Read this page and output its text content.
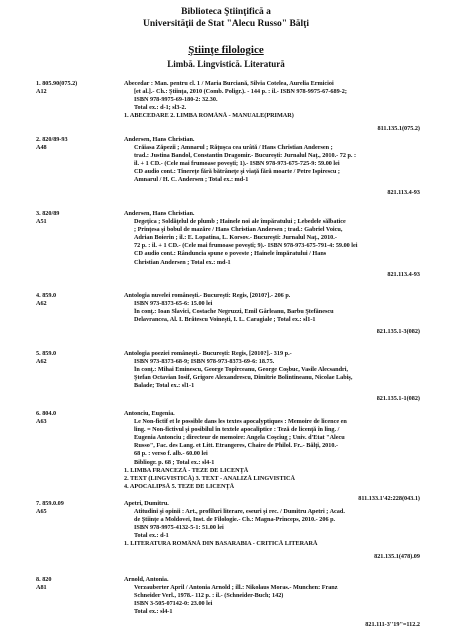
Biblioteca Ştiinţifică a
Universităţii de Stat "Alecu Russo" Bălţi
Ştiinţe filologice
Limbă. Lingvistică. Literatură
1. 805.90(075.2)
A12
Abecedar : Man. pentru cl. 1 / Maria Burciană, Silvia Cotelea, Aurelia Ermicioi
[et al.].- Ch.: Ştiinţa, 2010 (Comb. Poligr.). - 144 p. : il.- ISBN 978-9975-67-689-2;
ISBN 978-9975-69-180-2: 32.30.
Total ex.: d-1; sl3-2.
1. ABECEDARE 2. LIMBA ROMÂNĂ - MANUALE(PRIMAR)
811.135.1(075.2)
2. 820/89-93
A48
Andersen, Hans Christian.
Crăiasa Zăpezii ; Amnarul ; Răţuşca cea urâtă / Hans Christian Andersen ;
trad.: Justina Bandol, Constantin Dragomir.- Bucureşti: Jurnalul Naţ., 2010.- 72 p. :
il. + 1 CD.- (Cele mai frumoase poveşti; 1).- ISBN 978-973-675-725-9: 59.00 lei
CD audio cont.: Tinereţe fără bătrâneţe şi viaţă fără moarte / Petre Ispirescu ;
Amnarul / H. C. Andersen ; Total ex.: md-1
821.113.4-93
3. 820/89
A51
Andersen, Hans Christian.
Degeţica ; Soldăţelul de plumb ; Hainele noi ale împăratului ; Lebedele sălbatice
; Prinţesa şi bobul de mazăre / Hans Christian Andersen ; trad.: Gabriel Voicu,
Adrian Boierin ; il.: E. Lopatina, L. Korsov.- Bucureşti: Jurnalul Naţ., 2010.-
72 p. : il. + 1 CD.- (Cele mai frumoase poveşti; 9).- ISBN 978-973-675-791-4: 59.00 lei
CD audio cont.: Rânduncia spune o poveste ; Hainele împăratului / Hans
Christian Andersen ; Total ex.: md-1
821.113.4-93
4. 859.0
A62
Antologia nuvelei româneşti.- Bucureşti: Regis, [2010?].- 206 p.
ISBN 973-8373-65-6: 15.00 lei
În conţ.: Ioan Slavici, Costache Negruzzi, Emil Gârleanu, Barbu Ştefănescu
Delavrancea, Al. I. Brătescu Voineşti, I. L. Caragiale ; Total ex.: sl1-1
821.135.1-3(082)
5. 859.0
A62
Antologia poeziei româneşti.- Bucureşti: Regis, [2010?].- 319 p.-
ISBN 973-8373-68-9; ISBN 978-973-8373-69-6: 18.75.
În conţ.: Mihai Eminescu, George Topîrceanu, George Coşbuc, Vasile Alecsandri,
Ştefan Octavian Iosif, Grigore Alexandrescu, Dimitrie Bolintineanu, Nicolae Labiş,
Balade; Total ex.: sl1-1
821.135.1-1(082)
6. 804.0
A63
Antonciu, Eugenia.
Le Non-fictif et le possible dans les textes apocalyptiques : Memoire de licence en
ling. = Non-fictivul şi posibilul în textele apocaliptice : Teză de licenţă în ling. /
Eugenia Antonciu ; directeur de memoire: Angela Coşciug ; Univ. d'Etat "Alecu
Russo", Fac. des Lang. et Litt. Etrangeres, Chaire de Philol. Fr..- Bălţi, 2010.-
68 p. : verso f. alb.- 60.00 lei
Bibliogr. p. 68 ; Total ex.: sl4-1
1. LIMBA FRANCEZĂ - TEZE DE LICENŢĂ
2. TEXT (LINGVISTICĂ) 3. TEXT - ANALIZĂ LINGVISTICĂ
4. APOCALIPSĂ 5. TEZE DE LICENŢĂ
811.133.1'42:228(043.1)
7. 859.0.09
A65
Apetri, Dumitru.
Atitudini şi opinii : Art., profiluri literare, eseuri şi rec. / Dumitru Apetri ; Acad.
de Ştiinţe a Moldovei, Inst. de Filologie.- Ch.: Magna-Princeps, 2010.- 206 p.
ISBN 978-9975-4132-5-1: 51.00 lei
Total ex.: d-1
1. LITERATURA ROMÂNĂ DIN BASARABIA - CRITICĂ LITERARĂ
821.135.1(478).09
8. 820
A81
Arnold, Antonia.
Verzauberter April / Antonia Arnold ; ill.: Nikolaus Moras.- Munchen: Franz
Schneider Verl., 1978.- 112 p. : il.- (Schneider-Buch; 142)
ISBN 3-505-07142-0: 23.00 lei
Total ex.: sl4-1
821.111-3''19''=112.2
